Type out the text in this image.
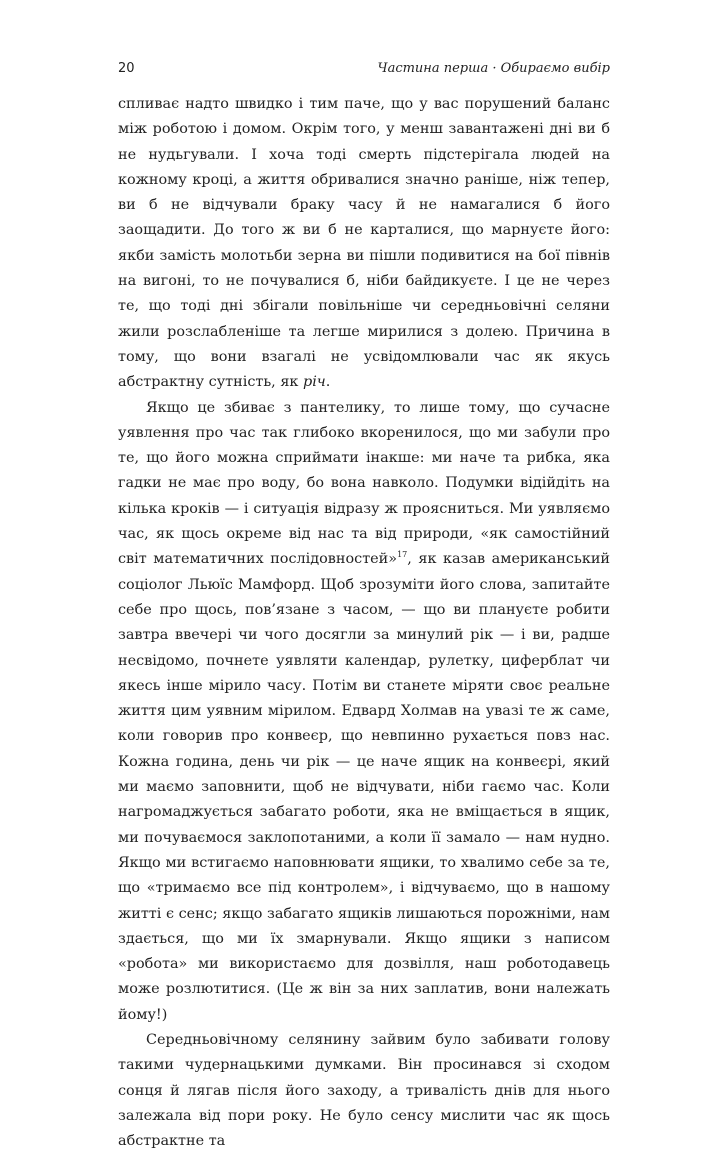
20	Частина перша · Обираємо вибір

спливає надто швидко і тим паче, що у вас порушений баланс між роботою і домом. Окрім того, у менш завантажені дні ви б не нудьгували. І хоча тоді смерть підстерігала людей на кожному кроці, а життя обривалися значно раніше, ніж тепер, ви б не відчували браку часу й не намагалися б його заощадити. До того ж ви б не карталися, що марнуєте його: якби замість молотьби зерна ви пішли подивитися на бої півнів на вигоні, то не почувалися б, ніби байдикуєте. І це не через те, що тоді дні збігали повільніше чи середньовічні селяни жили розслабленіше та легше мирилися з долею. Причина в тому, що вони взагалі не усвідомлювали час як якусь абстрактну сутність, як річ.

Якщо це збиває з пантелику, то лише тому, що сучасне уявлення про час так глибоко вкоренилося, що ми забули про те, що його можна сприймати інакше: ми наче та рибка, яка гадки не має про воду, бо вона навколо. Подумки відійдіть на кілька кроків — і ситуація відразу ж проясниться. Ми уявляємо час, як щось окреме від нас та від природи, «як самостійний світ математичних послідовностей»$^{17}$, як казав американський соціолог Льюїс Мамфорд. Щоб зрозуміти його слова, запитайте себе про щось, пов’язане з часом, — що ви плануєте робити завтра ввечері чи чого досягли за минулий рік — і ви, радше несвідомо, почнете уявляти календар, рулетку, циферблат чи якесь інше мірило часу. Потім ви станете міряти своє реальне життя цим уявним мірилом. Едвард Холмав на увазі те ж саме, коли говорив про конвеєр, що невпинно рухається повз нас. Кожна година, день чи рік — це наче ящик на конвеєрі, який ми маємо заповнити, щоб не відчувати, ніби гаємо час. Коли нагромаджується забагато роботи, яка не вміщається в ящик, ми почуваємося заклопотаними, а коли її замало — нам нудно. Якщо ми встигаємо наповнювати ящики, то хвалимо себе за те, що «тримаємо все під контролем», і відчуваємо, що в нашому житті є сенс; якщо забагато ящиків лишаються порожніми, нам здається, що ми їх змарнували. Якщо ящики з написом «робота» ми використаємо для дозвілля, наш роботодавець може розлютитися. (Це ж він за них заплатив, вони належать йому!)

Середньовічному селянину зайвим було забивати голову такими чудернацькими думками. Він просинався зі сходом сонця й лягав після його заходу, а тривалість днів для нього залежала від пори року. Не було сенсу мислити час як щось абстрактне та
